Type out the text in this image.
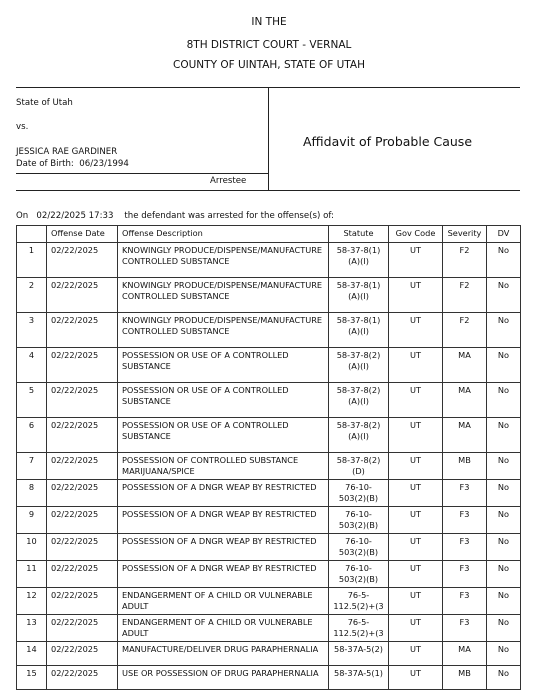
IN THE
8TH DISTRICT COURT - VERNAL
COUNTY OF UINTAH, STATE OF UTAH
State of Utah
vs.
JESSICA RAE GARDINER
Date of Birth: 06/23/1994
Arrestee
Affidavit of Probable Cause
On 02/22/2025 17:33 the defendant was arrested for the offense(s) of:
	Offense Date	Offense Description	Statute	Gov Code	Severity	DV
1	02/22/2025	KNOWINGLY PRODUCE/DISPENSE/MANUFACTURE CONTROLLED SUBSTANCE	58-37-8(1)(A)(I)	UT	F2	No
2	02/22/2025	KNOWINGLY PRODUCE/DISPENSE/MANUFACTURE CONTROLLED SUBSTANCE	58-37-8(1)(A)(I)	UT	F2	No
3	02/22/2025	KNOWINGLY PRODUCE/DISPENSE/MANUFACTURE CONTROLLED SUBSTANCE	58-37-8(1)(A)(I)	UT	F2	No
4	02/22/2025	POSSESSION OR USE OF A CONTROLLED SUBSTANCE	58-37-8(2)(A)(I)	UT	MA	No
5	02/22/2025	POSSESSION OR USE OF A CONTROLLED SUBSTANCE	58-37-8(2)(A)(I)	UT	MA	No
6	02/22/2025	POSSESSION OR USE OF A CONTROLLED SUBSTANCE	58-37-8(2)(A)(I)	UT	MA	No
7	02/22/2025	POSSESSION OF CONTROLLED SUBSTANCE MARIJUANA/SPICE	58-37-8(2)(D)	UT	MB	No
8	02/22/2025	POSSESSION OF A DNGR WEAP BY RESTRICTED	76-10-503(2)(B)	UT	F3	No
9	02/22/2025	POSSESSION OF A DNGR WEAP BY RESTRICTED	76-10-503(2)(B)	UT	F3	No
10	02/22/2025	POSSESSION OF A DNGR WEAP BY RESTRICTED	76-10-503(2)(B)	UT	F3	No
11	02/22/2025	POSSESSION OF A DNGR WEAP BY RESTRICTED	76-10-503(2)(B)	UT	F3	No
12	02/22/2025	ENDANGERMENT OF A CHILD OR VULNERABLE ADULT	76-5-112.5(2)+(3	UT	F3	No
13	02/22/2025	ENDANGERMENT OF A CHILD OR VULNERABLE ADULT	76-5-112.5(2)+(3	UT	F3	No
14	02/22/2025	MANUFACTURE/DELIVER DRUG PARAPHERNALIA	58-37A-5(2)	UT	MA	No
15	02/22/2025	USE OR POSSESSION OF DRUG PARAPHERNALIA	58-37A-5(1)	UT	MB	No
